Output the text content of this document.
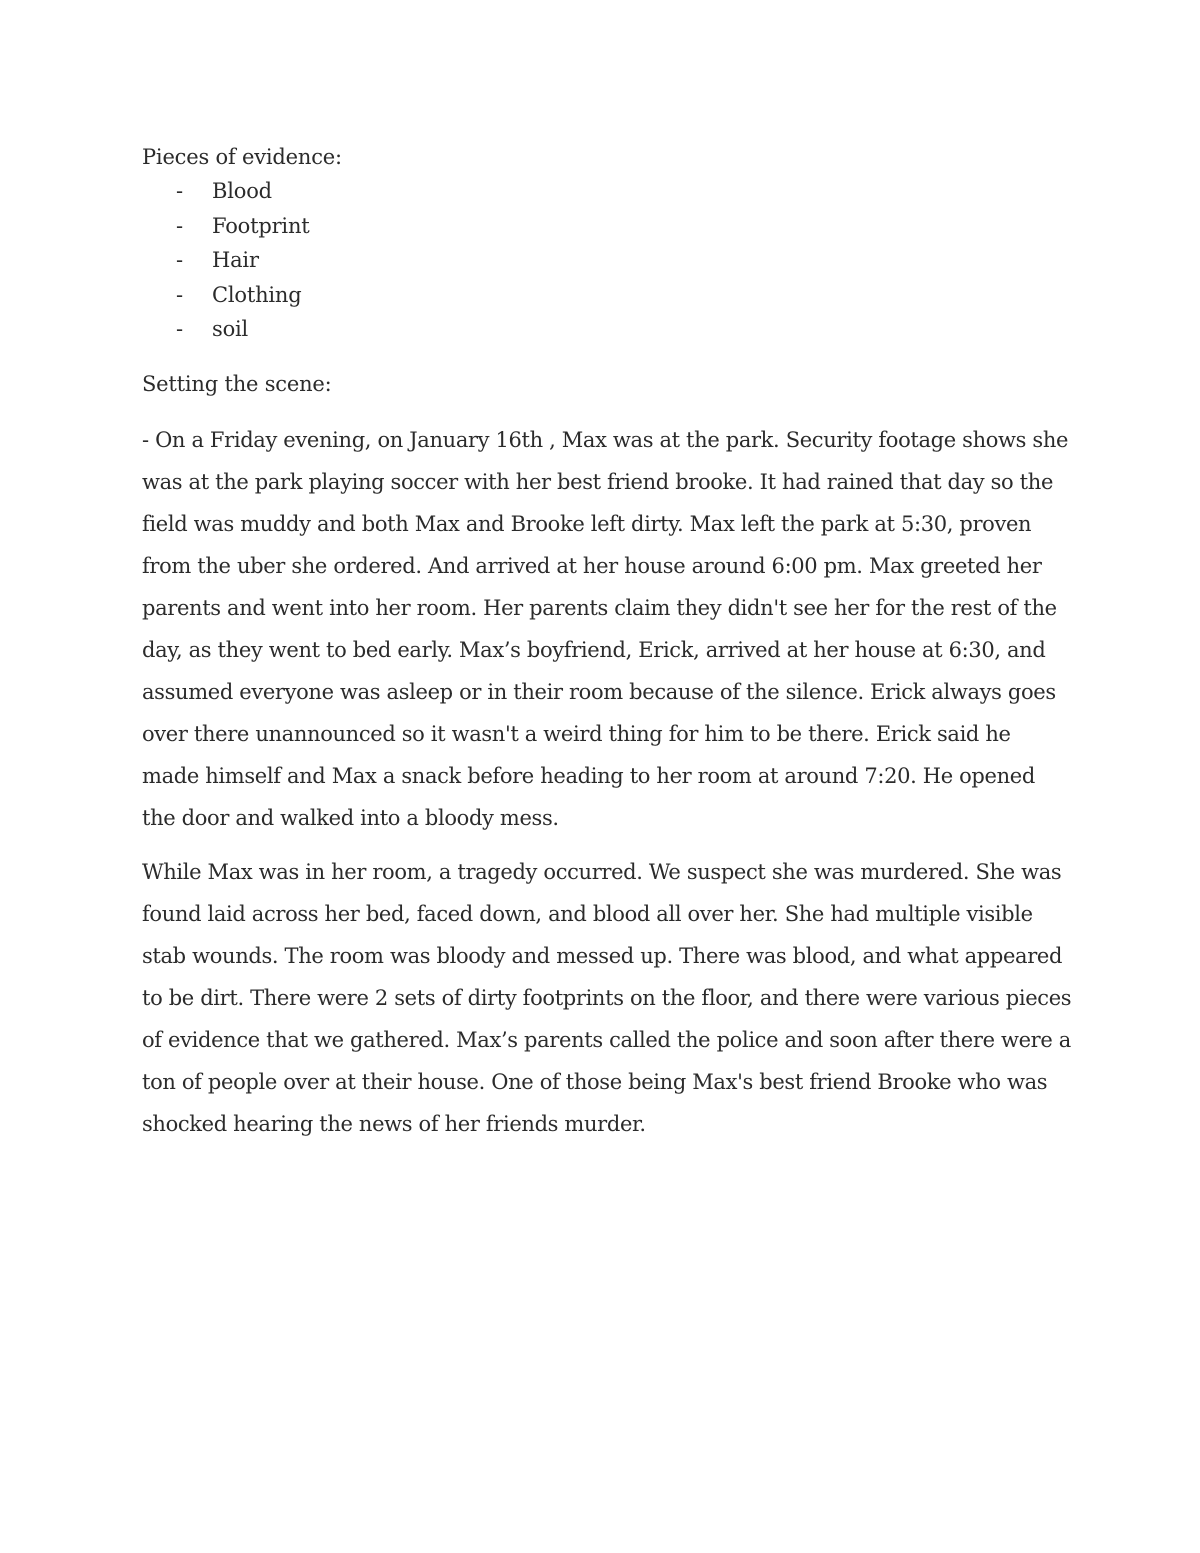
Pieces of evidence:

- Blood
- Footprint
- Hair
- Clothing
- soil

Setting the scene:

- On a Friday evening, on January 16th , Max was at the park. Security footage shows she was at the park playing soccer with her best friend brooke. It had rained that day so the field was muddy and both Max and Brooke left dirty. Max left the park at 5:30, proven from the uber she ordered. And arrived at her house around 6:00 pm. Max greeted her parents and went into her room. Her parents claim they didn't see her for the rest of the day, as they went to bed early. Max’s boyfriend, Erick, arrived at her house at 6:30, and assumed everyone was asleep or in their room because of the silence. Erick always goes over there unannounced so it wasn't a weird thing for him to be there. Erick said he made himself and Max a snack before heading to her room at around 7:20. He opened the door and walked into a bloody mess.

While Max was in her room, a tragedy occurred. We suspect she was murdered. She was found laid across her bed, faced down, and blood all over her. She had multiple visible stab wounds. The room was bloody and messed up. There was blood, and what appeared to be dirt. There were 2 sets of dirty footprints on the floor, and there were various pieces of evidence that we gathered. Max’s parents called the police and soon after there were a ton of people over at their house. One of those being Max's best friend Brooke who was shocked hearing the news of her friends murder.
